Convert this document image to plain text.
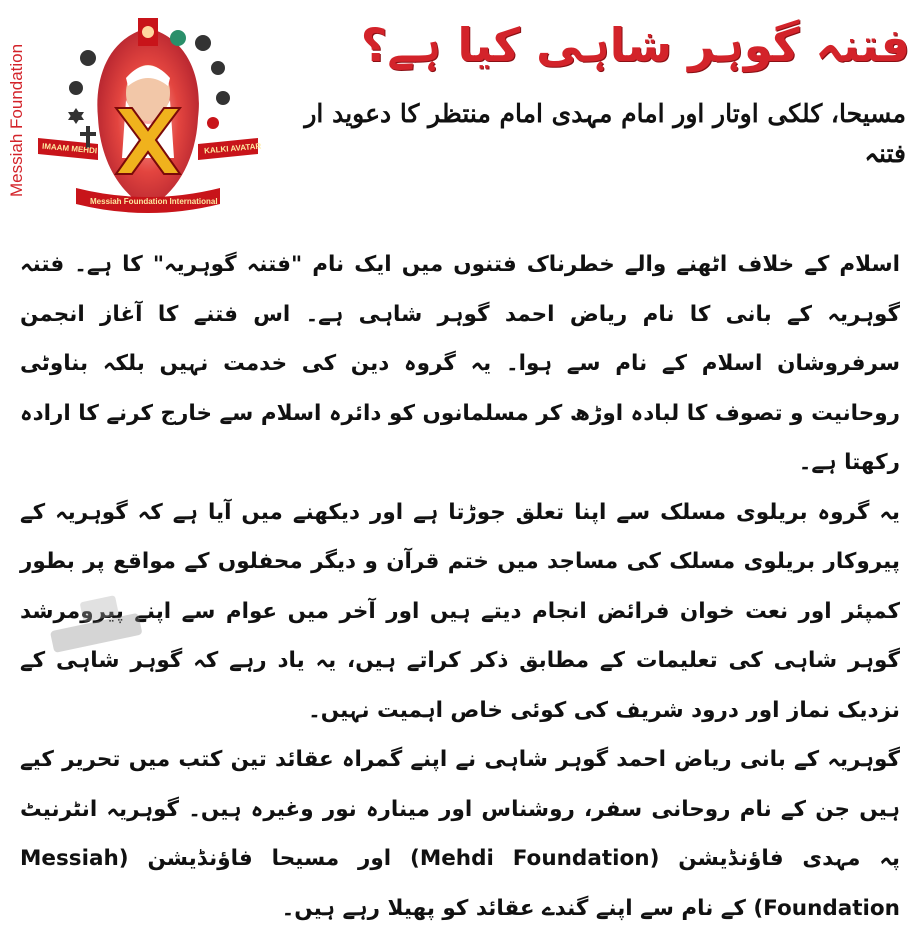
Messiah Foundation	IMAAM MEHDI	KALKI AVATAR
Messiah Foundation International
فتنہ گوہر شاہی کیا ہے؟
مسیحا، کلکی اوتار اور امام مہدی امام منتظر کا دعوید ار فتنہ

اسلام کے خلاف اٹھنے والے خطرناک فتنوں میں ایک نام "فتنہ گوہریہ" کا ہے۔ فتنہ گوہریہ کے بانی کا نام ریاض احمد گوہر شاہی ہے۔ اس فتنے کا آغاز انجمن سرفروشان اسلام کے نام سے ہوا۔ یہ گروہ دین کی خدمت نہیں بلکہ بناوٹی روحانیت و تصوف کا لبادہ اوڑھ کر مسلمانوں کو دائرہ اسلام سے خارج کرنے کا ارادہ رکھتا ہے۔

یہ گروہ بریلوی مسلک سے اپنا تعلق جوڑتا ہے اور دیکھنے میں آیا ہے کہ گوہریہ کے پیروکار بریلوی مسلک کی مساجد میں ختم قرآن و دیگر محفلوں کے مواقع پر بطور کمپئر اور نعت خوان فرائض انجام دیتے ہیں اور آخر میں عوام سے اپنے پیرومرشد گوہر شاہی کی تعلیمات کے مطابق ذکر کراتے ہیں، یہ یاد رہے کہ گوہر شاہی کے نزدیک نماز اور درود شریف کی کوئی خاص اہمیت نہیں۔

گوہریہ کے بانی ریاض احمد گوہر شاہی نے اپنے گمراہ عقائد تین کتب میں تحریر کیے ہیں جن کے نام روحانی سفر، روشناس اور مینارہ نور وغیرہ ہیں۔ گوہریہ انٹرنیٹ پہ مہدی فاؤنڈیشن (Mehdi Foundation) اور مسیحا فاؤنڈیشن (Messiah Foundation) کے نام سے اپنے گندے عقائد کو پھیلا رہے ہیں۔
